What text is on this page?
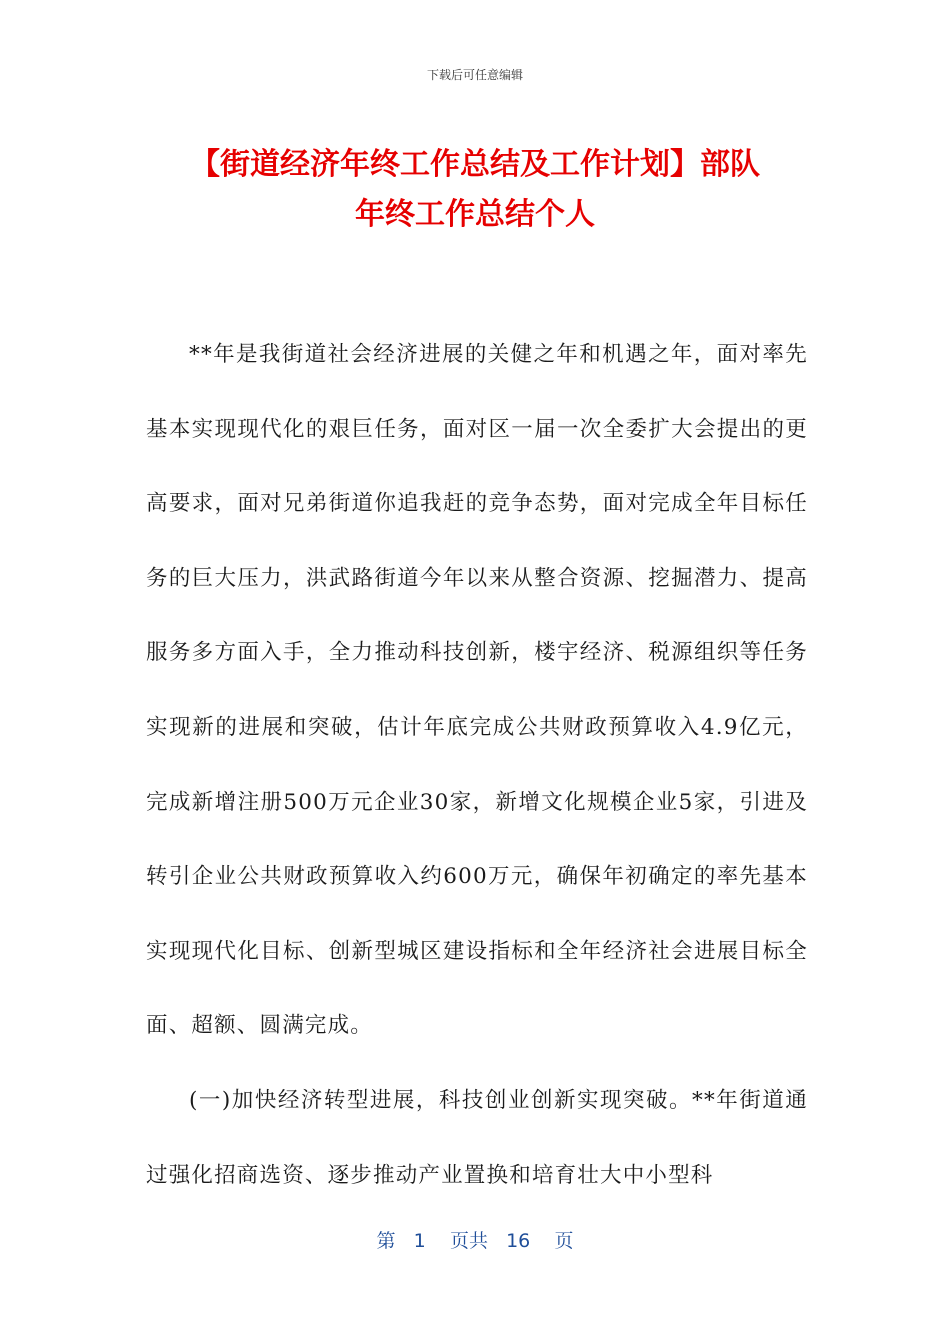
下载后可任意编辑
【街道经济年终工作总结及工作计划】部队
年终工作总结个人

**年是我街道社会经济进展的关健之年和机遇之年，面对率先基本实现现代化的艰巨任务，面对区一届一次全委扩大会提出的更高要求，面对兄弟街道你追我赶的竞争态势，面对完成全年目标任务的巨大压力，洪武路街道今年以来从整合资源、挖掘潜力、提高服务多方面入手，全力推动科技创新，楼宇经济、税源组织等任务实现新的进展和突破，估计年底完成公共财政预算收入4.9亿元，完成新增注册500万元企业30家，新增文化规模企业5家，引进及转引企业公共财政预算收入约600万元，确保年初确定的率先基本实现现代化目标、创新型城区建设指标和全年经济社会进展目标全面、超额、圆满完成。

(一)加快经济转型进展，科技创业创新实现突破。**年街道通过强化招商选资、逐步推动产业置换和培育壮大中小型科

第 1 页共 16 页
